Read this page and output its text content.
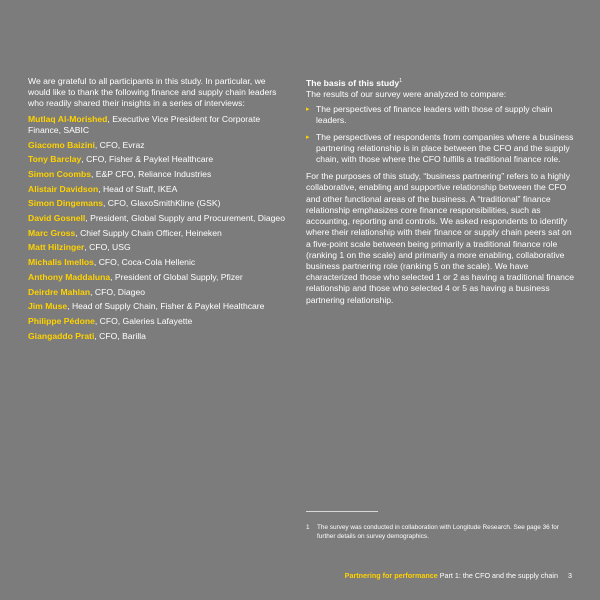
We are grateful to all participants in this study. In particular, we would like to thank the following finance and supply chain leaders who readily shared their insights in a series of interviews:

Mutlaq Al-Morished, Executive Vice President for Corporate Finance, SABIC

Giacomo Baizini, CFO, Evraz

Tony Barclay, CFO, Fisher & Paykel Healthcare

Simon Coombs, E&P CFO, Reliance Industries

Alistair Davidson, Head of Staff, IKEA

Simon Dingemans, CFO, GlaxoSmithKline (GSK)

David Gosnell, President, Global Supply and Procurement, Diageo

Marc Gross, Chief Supply Chain Officer, Heineken

Matt Hilzinger, CFO, USG

Michalis Imellos, CFO, Coca-Cola Hellenic

Anthony Maddaluna, President of Global Supply, Pfizer

Deirdre Mahlan, CFO, Diageo

Jim Muse, Head of Supply Chain, Fisher & Paykel Healthcare

Philippe Pédone, CFO, Galeries Lafayette

Giangaddo Prati, CFO, Barilla

The basis of this study$^1$

The results of our survey were analyzed to compare:

▸ The perspectives of finance leaders with those of supply chain leaders.
▸ The perspectives of respondents from companies where a business partnering relationship is in place between the CFO and the supply chain, with those where the CFO fulfills a traditional finance role.

For the purposes of this study, “business partnering” refers to a highly collaborative, enabling and supportive relationship between the CFO and other functional areas of the business. A “traditional” finance relationship emphasizes core finance responsibilities, such as accounting, reporting and controls. We asked respondents to identify where their relationship with their finance or supply chain peers sat on a five-point scale between being primarily a traditional finance role (ranking 1 on the scale) and primarily a more enabling, collaborative business partnering role (ranking 5 on the scale). We have characterized those who selected 1 or 2 as having a traditional finance relationship and those who selected 4 or 5 as having a business partnering relationship.

1	The survey was conducted in collaboration with Longitude Research. See page 36 for further details on survey demographics.
Partnering for performance Part 1: the CFO and the supply chain 3
